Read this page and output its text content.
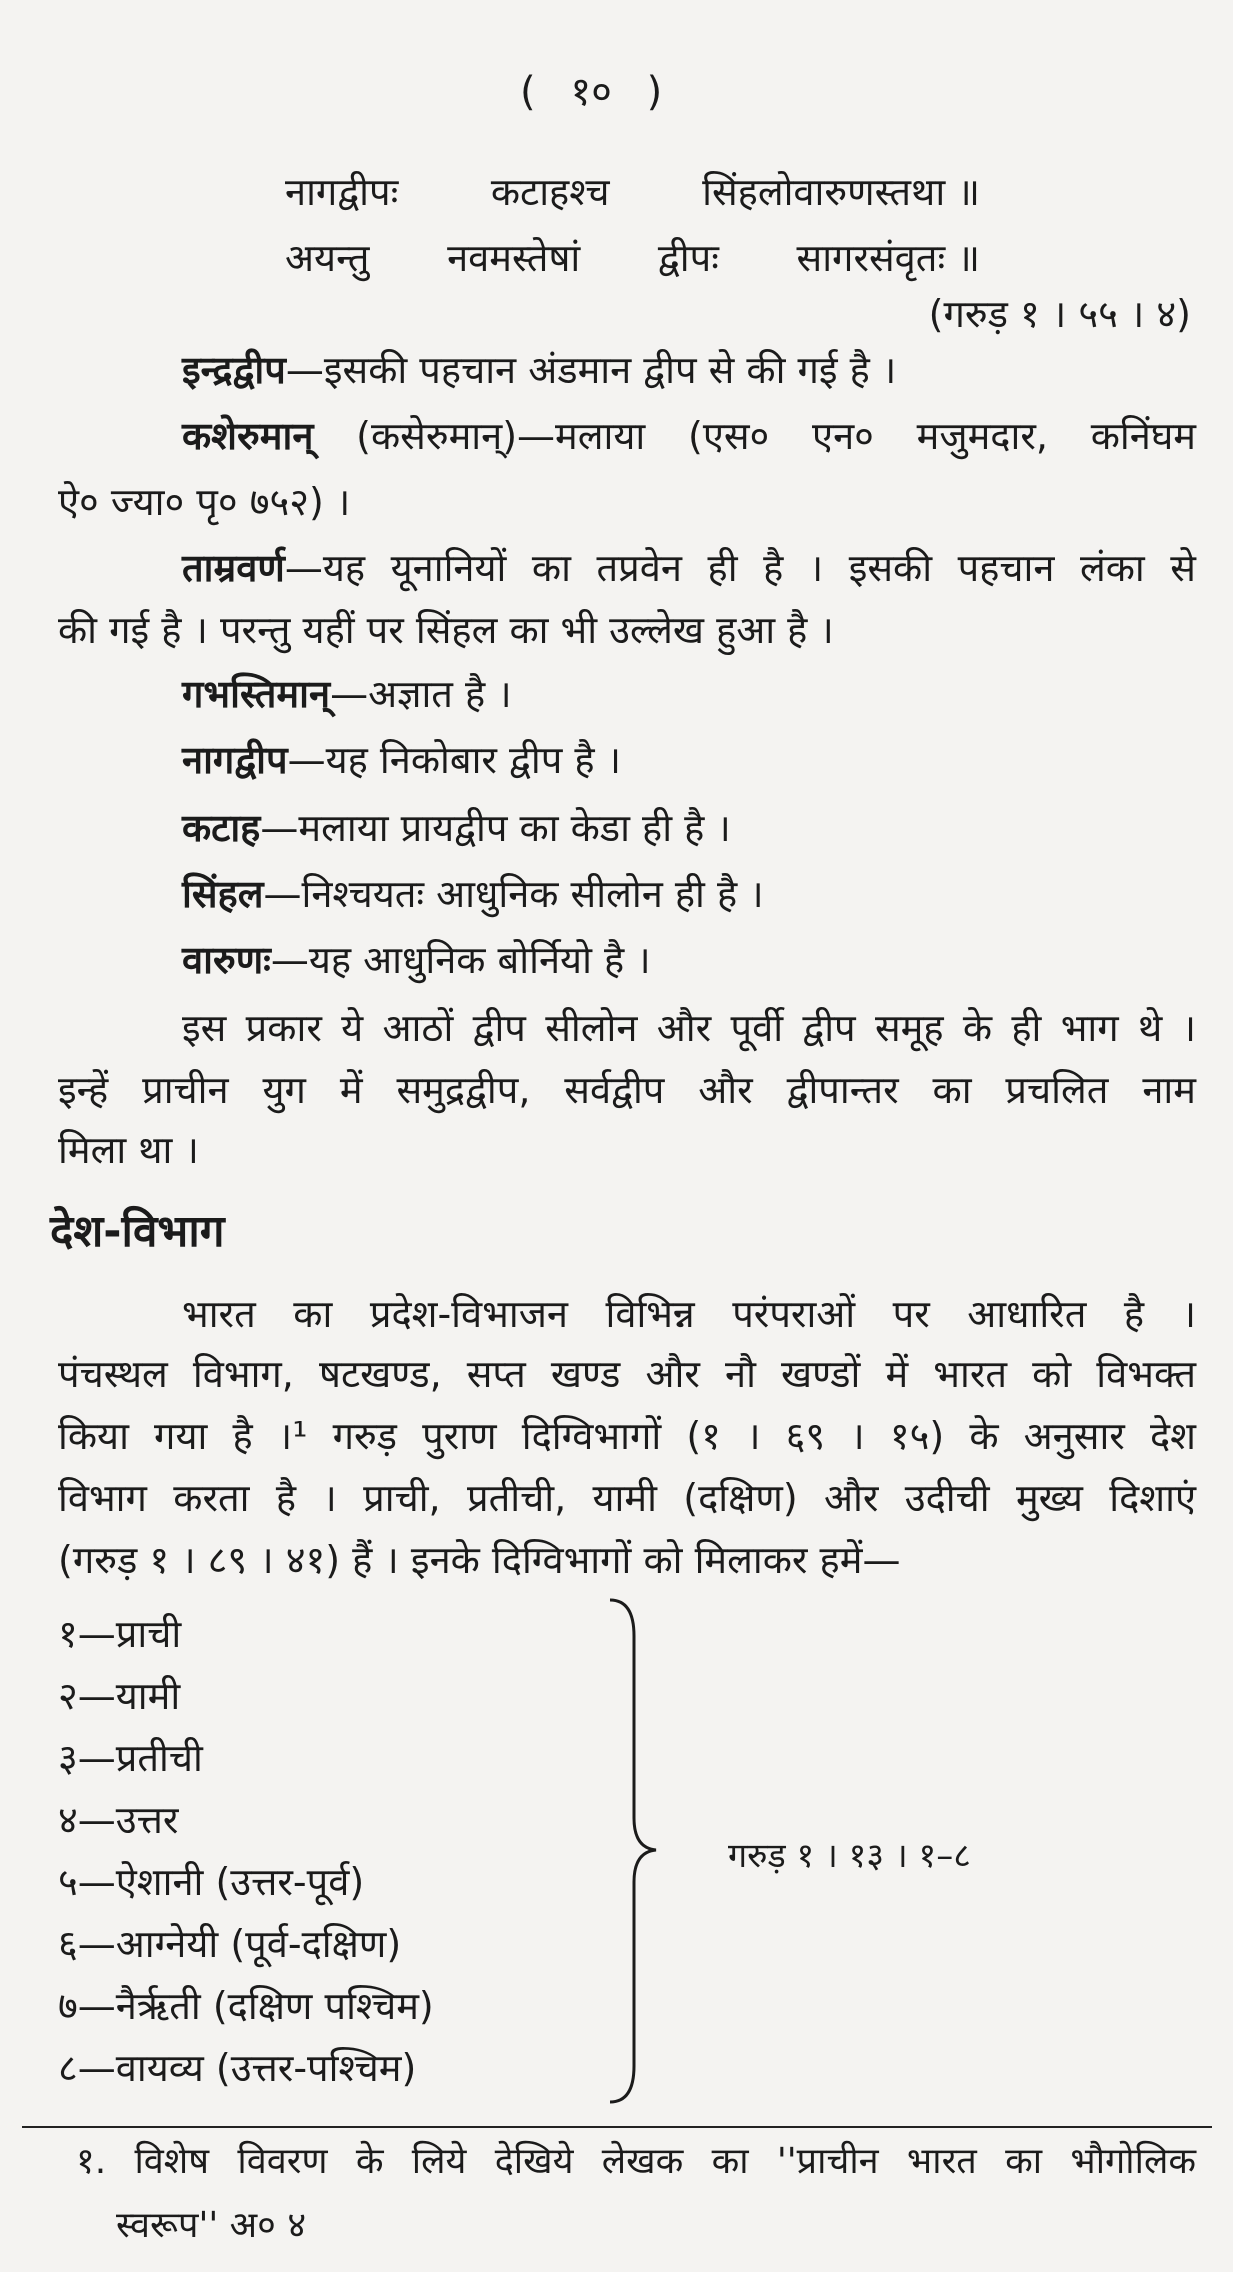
( १० )
नागद्वीपः कटाहश्च सिंहलोवारुणस्तथा ॥
अयन्तु नवमस्तेषां द्वीपः सागरसंवृतः ॥
(गरुड़ १ । ५५ । ४)
इन्द्रद्वीप—इसकी पहचान अंडमान द्वीप से की गई है ।
कशेरुमान् (कसेरुमान्)—मलाया (एस० एन० मजुमदार, कनिंघम
ऐ० ज्या० पृ० ७५२) ।
ताम्रवर्ण—यह यूनानियों का तप्रवेन ही है । इसकी पहचान लंका से
की गई है । परन्तु यहीं पर सिंहल का भी उल्लेख हुआ है ।
गभस्तिमान्—अज्ञात है ।
नागद्वीप—यह निकोबार द्वीप है ।
कटाह—मलाया प्रायद्वीप का केडा ही है ।
सिंहल—निश्चयतः आधुनिक सीलोन ही है ।
वारुणः—यह आधुनिक बोर्नियो है ।
इस प्रकार ये आठों द्वीप सीलोन और पूर्वी द्वीप समूह के ही भाग थे ।
इन्हें प्राचीन युग में समुद्रद्वीप, सर्वद्वीप और द्वीपान्तर का प्रचलित नाम
मिला था ।
देश-विभाग
भारत का प्रदेश-विभाजन विभिन्न परंपराओं पर आधारित है ।
पंचस्थल विभाग, षटखण्ड, सप्त खण्ड और नौ खण्डों में भारत को विभक्त
किया गया है ।¹ गरुड़ पुराण दिग्विभागों (१ । ६९ । १५) के अनुसार देश
विभाग करता है । प्राची, प्रतीची, यामी (दक्षिण) और उदीची मुख्य दिशाएं
(गरुड़ १ । ८९ । ४१) हैं । इनके दिग्विभागों को मिलाकर हमें—
१—प्राची
२—यामी
३—प्रतीची
४—उत्तर
५—ऐशानी (उत्तर-पूर्व)
६—आग्नेयी (पूर्व-दक्षिण)
७—नैर्ऋती (दक्षिण पश्चिम)
८—वायव्य (उत्तर-पश्चिम)
गरुड़ १ । १३ । १–८
१. विशेष विवरण के लिये देखिये लेखक का ''प्राचीन भारत का भौगोलिक
स्वरूप'' अ० ४
